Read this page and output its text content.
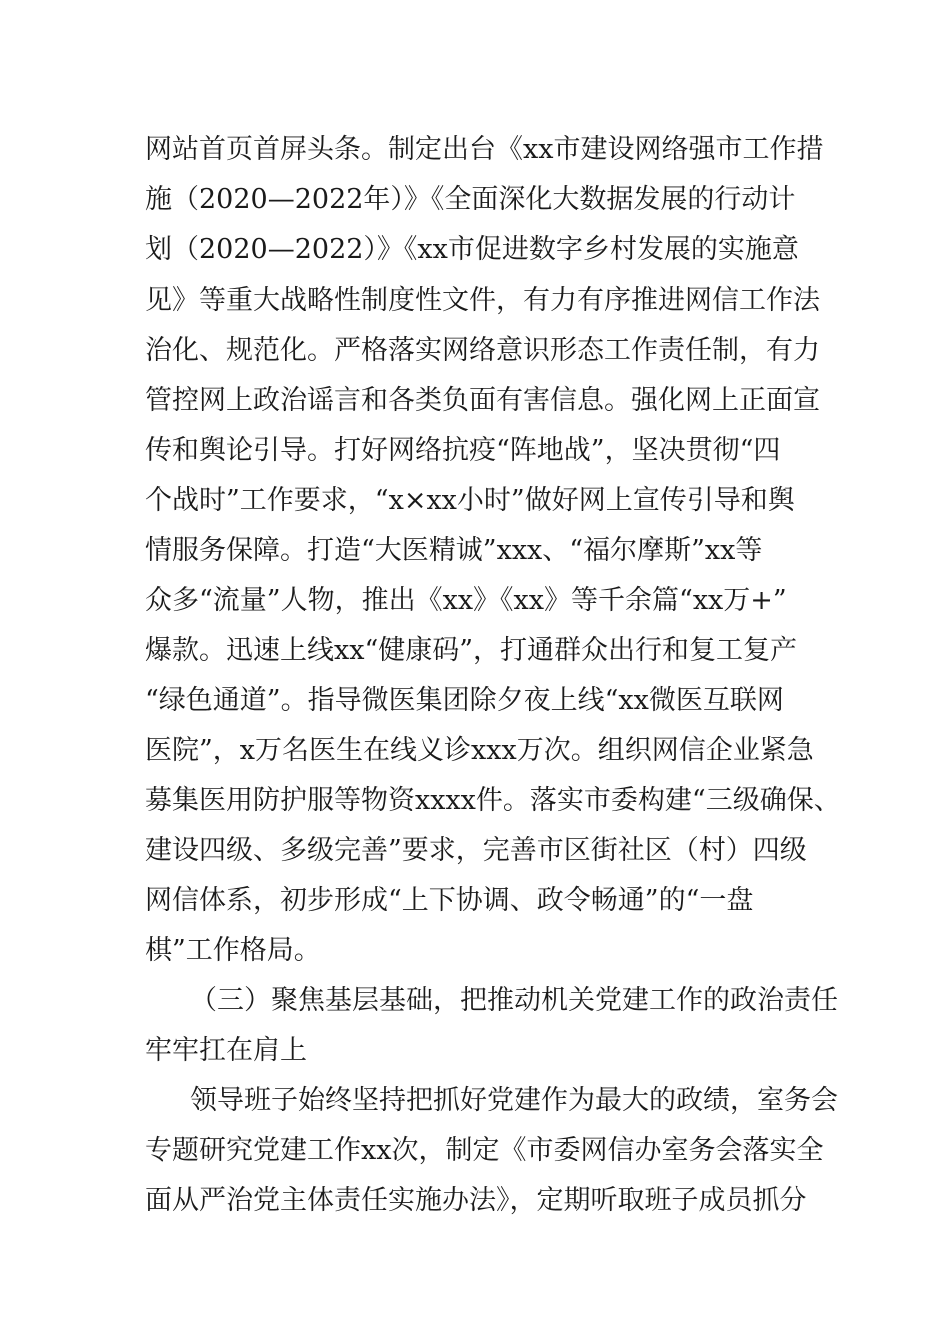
网站首页首屏头条。制定出台《xx市建设网络强市工作措
施（2020—2022年）》《全面深化大数据发展的行动计
划（2020—2022）》《xx市促进数字乡村发展的实施意
见》等重大战略性制度性文件，有力有序推进网信工作法
治化、规范化。严格落实网络意识形态工作责任制，有力
管控网上政治谣言和各类负面有害信息。强化网上正面宣
传和舆论引导。打好网络抗疫“阵地战”，坚决贯彻“四
个战时”工作要求，“x×xx小时”做好网上宣传引导和舆
情服务保障。打造“大医精诚”xxx、“福尔摩斯”xx等
众多“流量”人物，推出《xx》《xx》等千余篇“xx万+”
爆款。迅速上线xx“健康码”，打通群众出行和复工复产
“绿色通道”。指导微医集团除夕夜上线“xx微医互联网
医院”，x万名医生在线义诊xxx万次。组织网信企业紧急
募集医用防护服等物资xxxx件。落实市委构建“三级确保、
建设四级、多级完善”要求，完善市区街社区（村）四级
网信体系，初步形成“上下协调、政令畅通”的“一盘
棋”工作格局。
（三）聚焦基层基础，把推动机关党建工作的政治责任
牢牢扛在肩上
领导班子始终坚持把抓好党建作为最大的政绩，室务会
专题研究党建工作xx次，制定《市委网信办室务会落实全
面从严治党主体责任实施办法》，定期听取班子成员抓分
